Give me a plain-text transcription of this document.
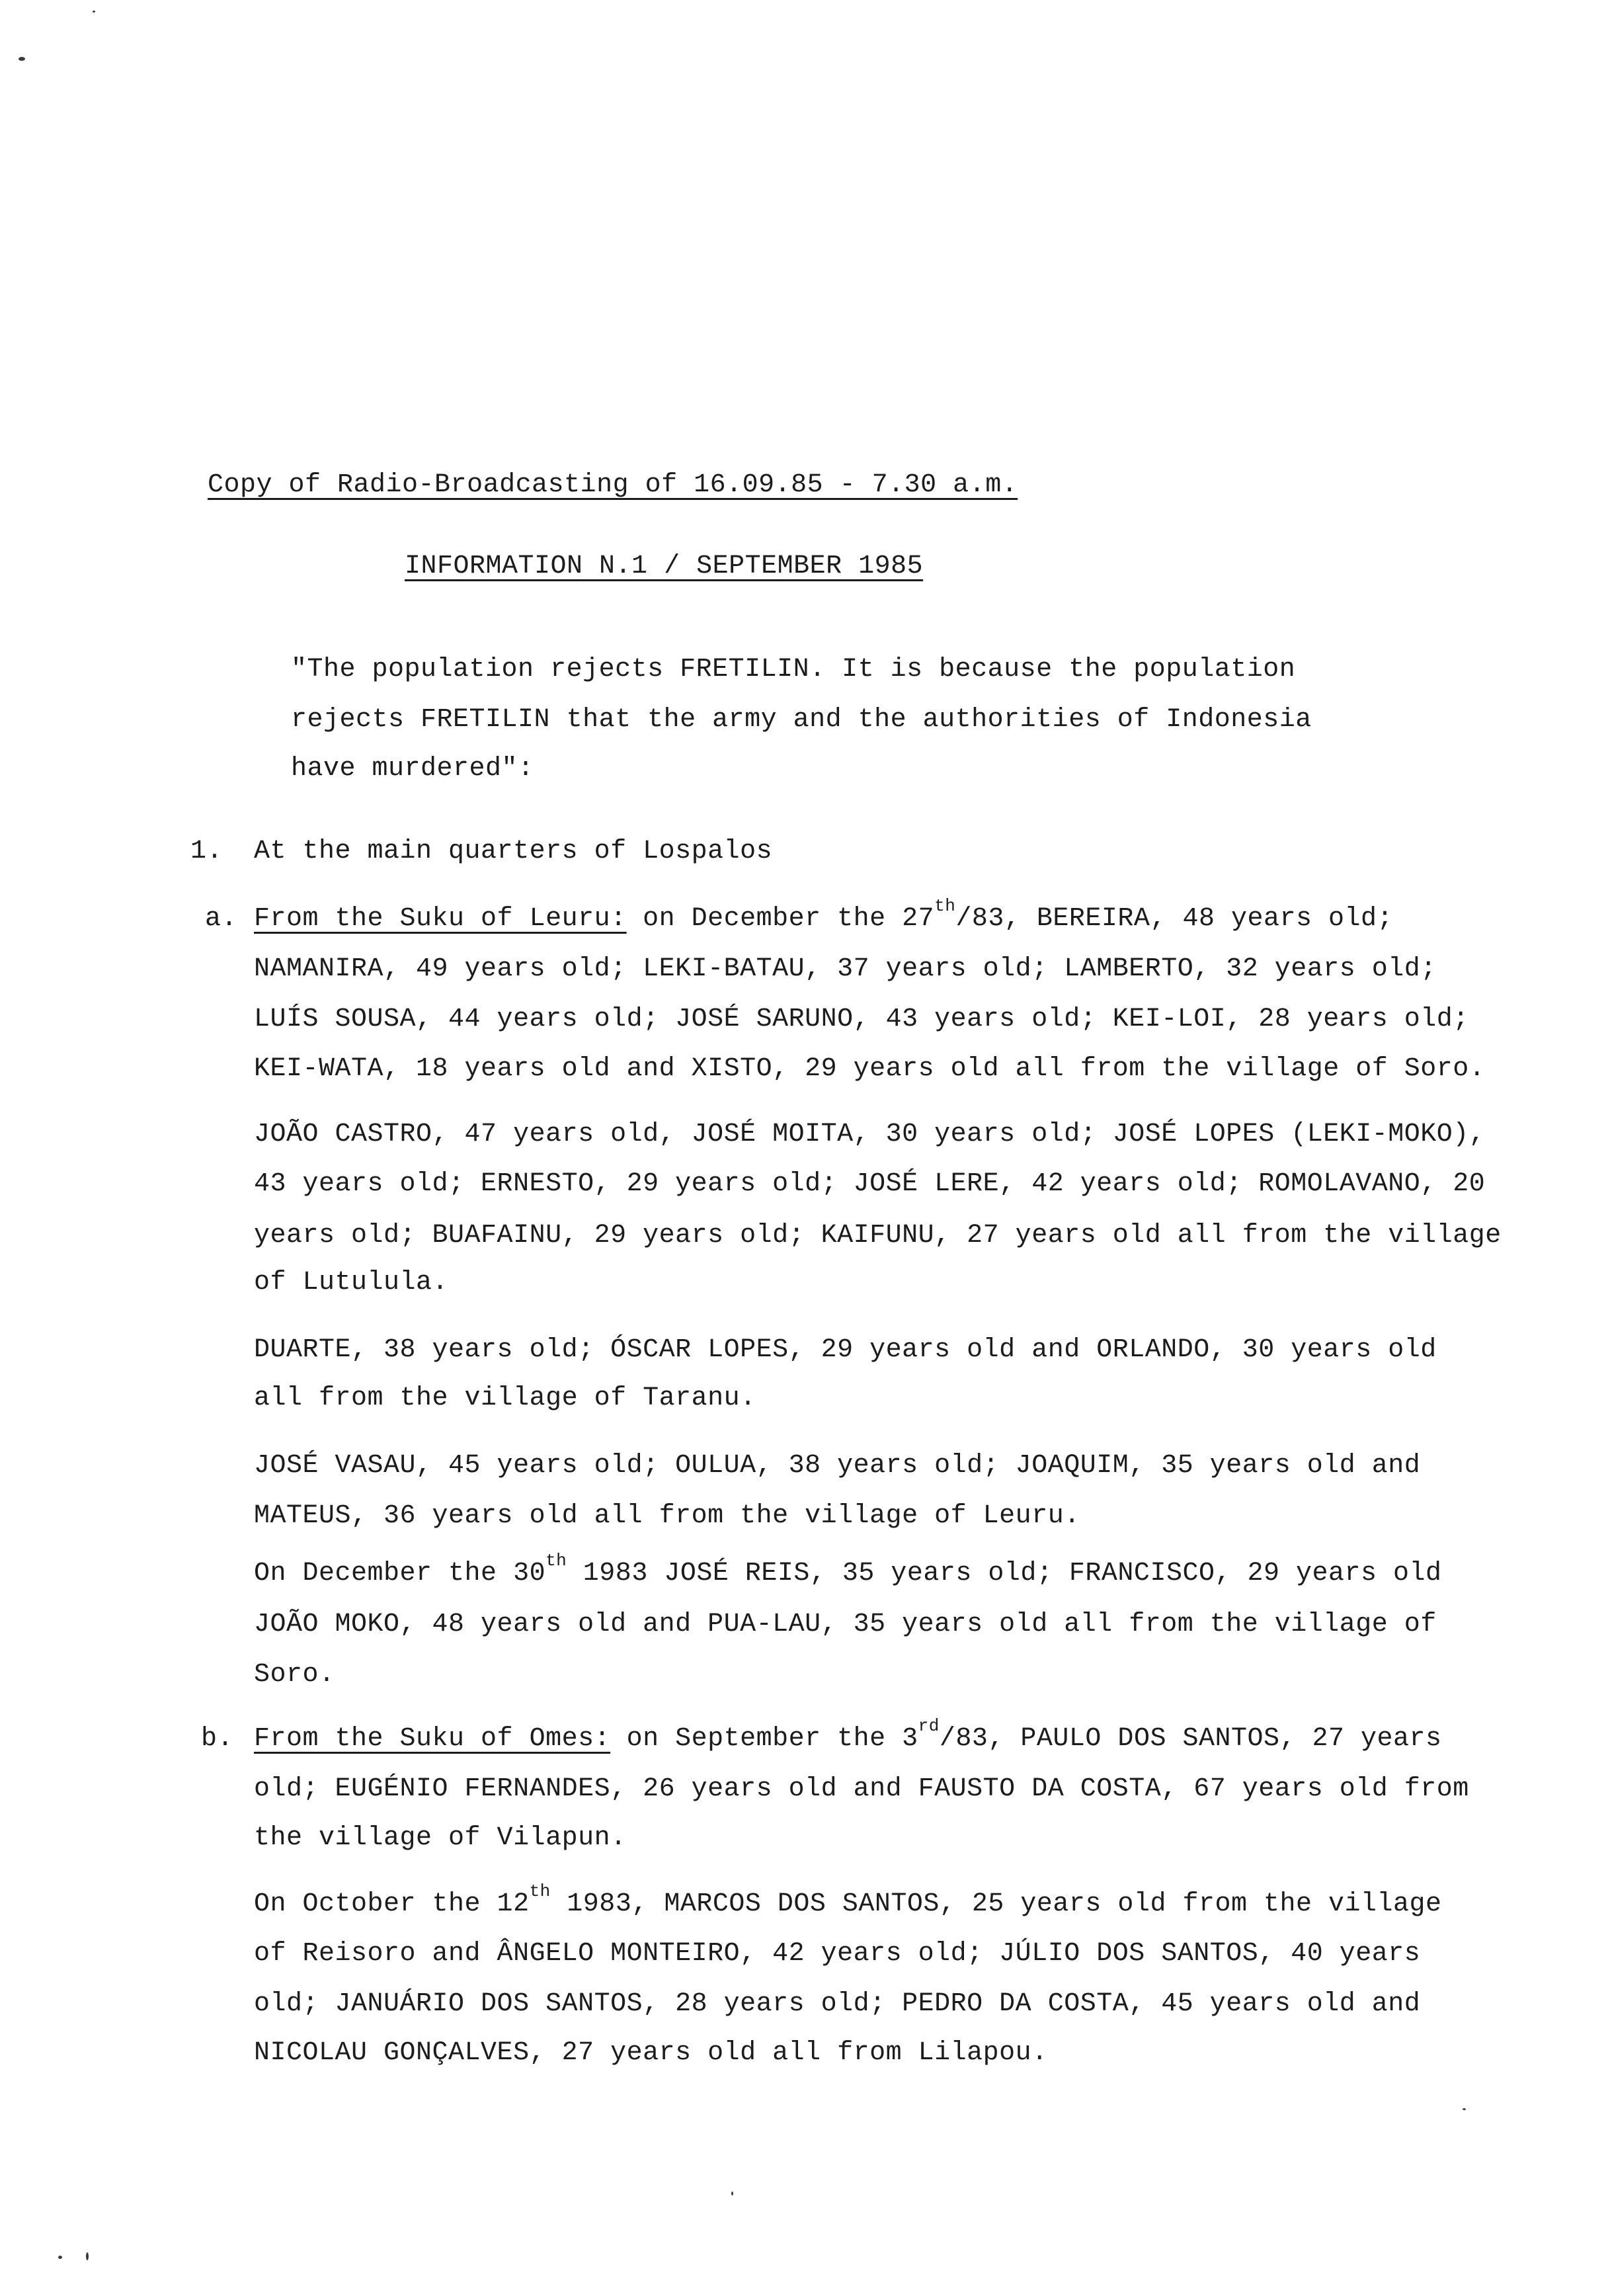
Copy of Radio-Broadcasting of 16.09.85 - 7.30 a.m.
INFORMATION N.1 / SEPTEMBER 1985
"The population rejects FRETILIN. It is because the population
rejects FRETILIN that the army and the authorities of Indonesia
have murdered":
1. At the main quarters of Lospalos
a. From the Suku of Leuru: on December the 27th/83, BEREIRA, 48 years old;
NAMANIRA, 49 years old; LEKI-BATAU, 37 years old; LAMBERTO, 32 years old;
LUÍS SOUSA, 44 years old; JOSÉ SARUNO, 43 years old; KEI-LOI, 28 years old;
KEI-WATA, 18 years old and XISTO, 29 years old all from the village of Soro.
JOÃO CASTRO, 47 years old, JOSÉ MOITA, 30 years old; JOSÉ LOPES (LEKI-MOKO),
43 years old; ERNESTO, 29 years old; JOSÉ LERE, 42 years old; ROMOLAVANO, 20
years old; BUAFAINU, 29 years old; KAIFUNU, 27 years old all from the village
of Lutulula.
DUARTE, 38 years old; ÓSCAR LOPES, 29 years old and ORLANDO, 30 years old
all from the village of Taranu.
JOSÉ VASAU, 45 years old; OULUA, 38 years old; JOAQUIM, 35 years old and
MATEUS, 36 years old all from the village of Leuru.
On December the 30th 1983 JOSÉ REIS, 35 years old; FRANCISCO, 29 years old
JOÃO MOKO, 48 years old and PUA-LAU, 35 years old all from the village of
Soro.
b. From the Suku of Omes: on September the 3rd/83, PAULO DOS SANTOS, 27 years
old; EUGÉNIO FERNANDES, 26 years old and FAUSTO DA COSTA, 67 years old from
the village of Vilapun.
On October the 12th 1983, MARCOS DOS SANTOS, 25 years old from the village
of Reisoro and ÂNGELO MONTEIRO, 42 years old; JÚLIO DOS SANTOS, 40 years
old; JANUÁRIO DOS SANTOS, 28 years old; PEDRO DA COSTA, 45 years old and
NICOLAU GONÇALVES, 27 years old all from Lilapou.
